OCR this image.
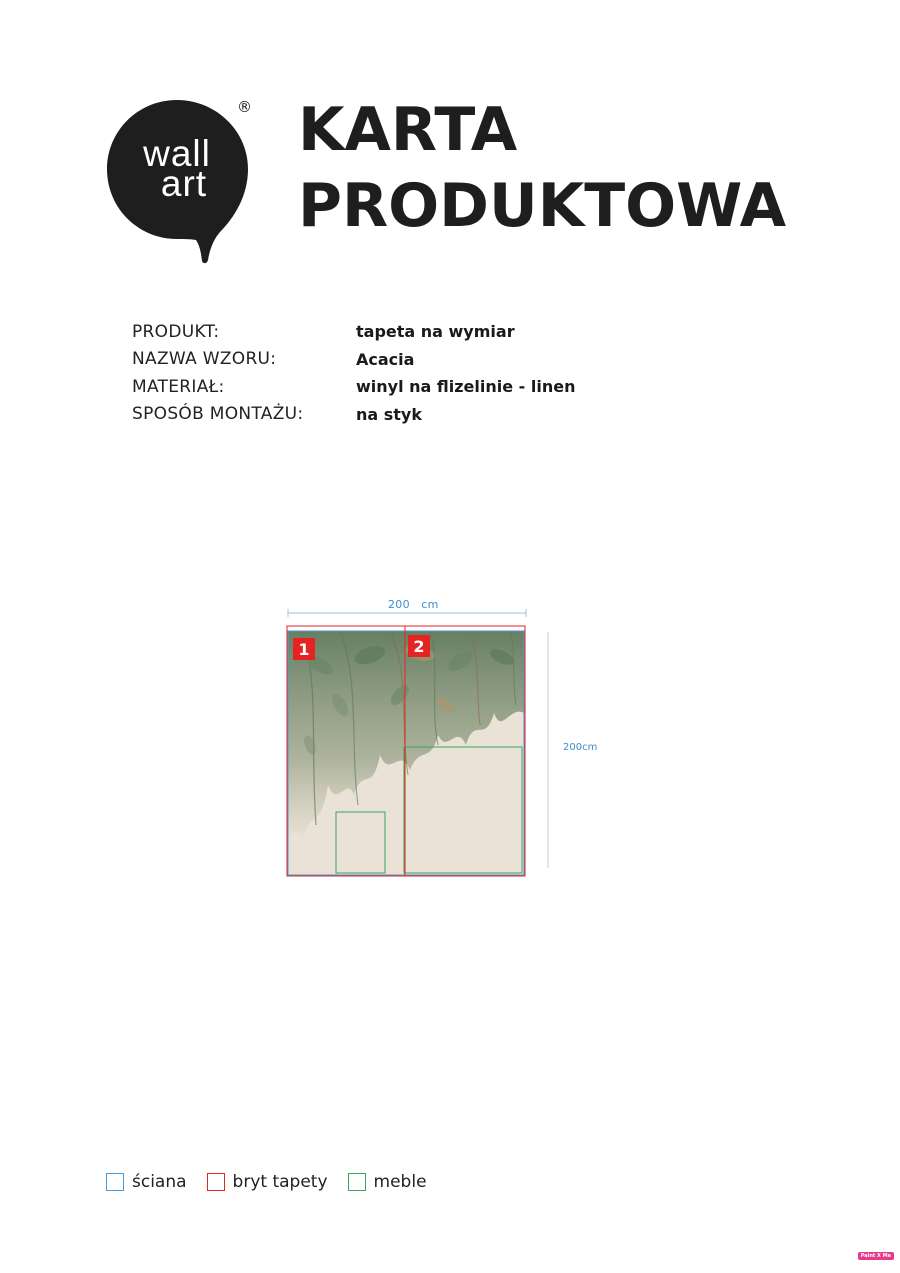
wall
art
® KARTA
PRODUKTOWA
PRODUKT:	tapeta na wymiar
NAZWA WZORU:	Acacia
MATERIAŁ:	winyl na flizelinie - linen
SPOSÓB MONTAŻU:	na styk
200   cm
200cm
1	2
ściana	bryt tapety	meble
Paint X Me
